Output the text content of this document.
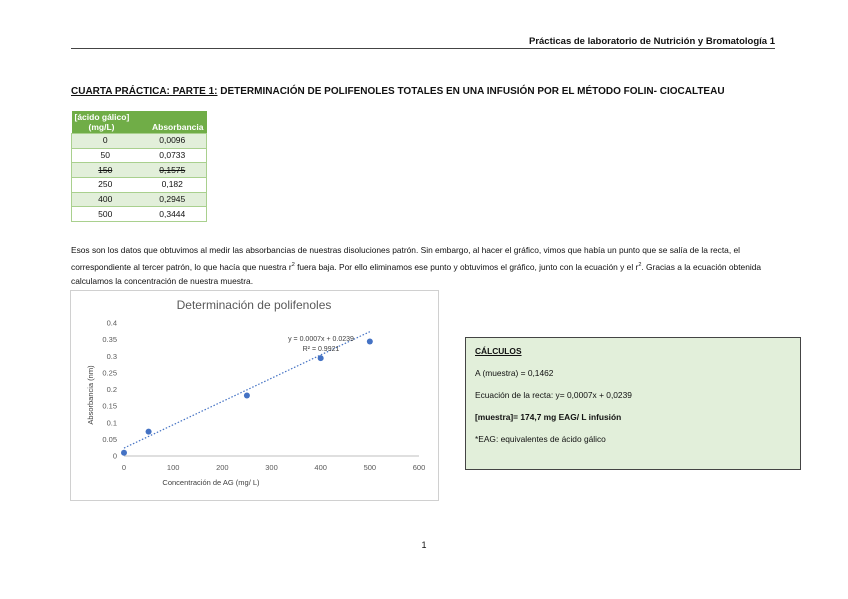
Prácticas de laboratorio de Nutrición y Bromatología 1
CUARTA PRÁCTICA: PARTE 1: DETERMINACIÓN DE POLIFENOLES TOTALES EN UNA INFUSIÓN POR EL MÉTODO FOLIN- CIOCALTEAU
[ácido gálico]
(mg/L)	Absorbancia
0	0,0096
50	0,0733
150	0,1575
250	0,182
400	0,2945
500	0,3444
Esos son los datos que obtuvimos al medir las absorbancias de nuestras disoluciones patrón. Sin embargo, al hacer el gráfico, vimos que había un punto que se salía de la recta, el correspondiente al tercer patrón, lo que hacía que nuestra $r^2$ fuera baja. Por ello eliminamos ese punto y obtuvimos el gráfico, junto con la ecuación y el $r^2$. Gracias a la ecuación obtenida calculamos la concentración de nuestra muestra.
Determinación de polifenoles
0	100	200	300	400	500	600
0
0.05
0.1
0.15
0.2
0.25
0.3
0.35
0.4
y = 0.0007x + 0.0239
R² = 0.9921
Concentración de AG (mg/ L)
Absorbancia (nm)
CÁLCULOS
A (muestra) = 0,1462
Ecuación de la recta: y= 0,0007x + 0,0239
[muestra]= 174,7 mg EAG/ L infusión
*EAG: equivalentes de ácido gálico
1
